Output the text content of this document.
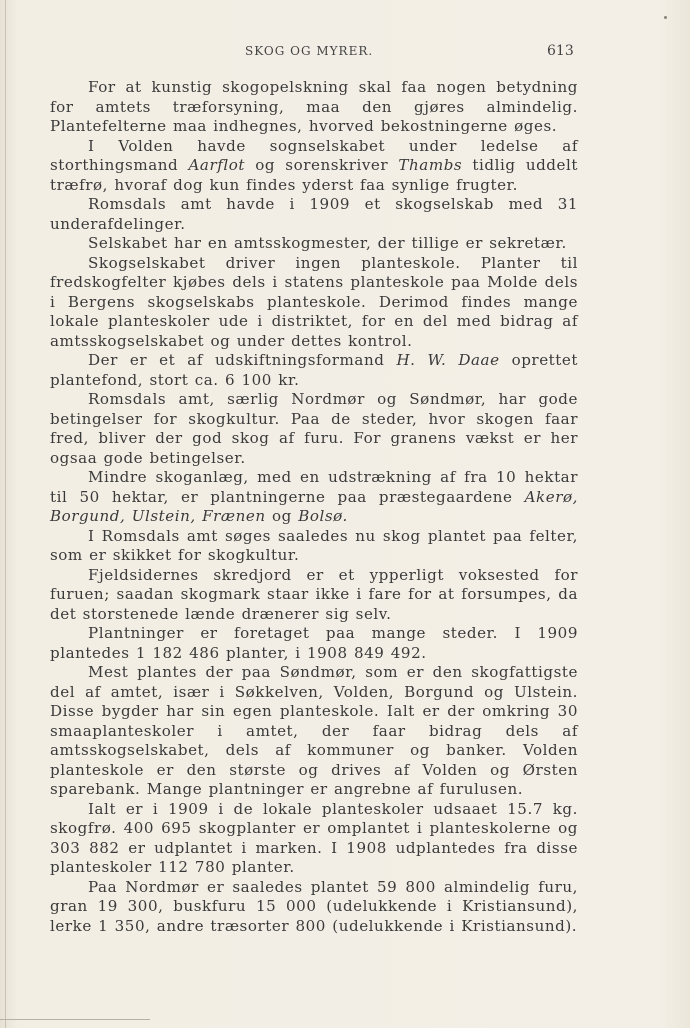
SKOG OG MYRER.	613

For at kunstig skogopelskning skal faa nogen betydning for amtets træforsyning, maa den gjøres almindelig. Plantefelterne maa indhegnes, hvorved bekostningerne øges.

I Volden havde sognselskabet under ledelse af storthingsmand Aarflot og sorenskriver Thambs tidlig uddelt træfrø, hvoraf dog kun findes yderst faa synlige frugter.

Romsdals amt havde i 1909 et skogselskab med 31 underafdelinger.

Selskabet har en amtsskogmester, der tillige er sekretær.

Skogselskabet driver ingen planteskole. Planter til fredskogfelter kjøbes dels i statens planteskole paa Molde dels i Bergens skogselskabs planteskole. Derimod findes mange lokale planteskoler ude i distriktet, for en del med bidrag af amtsskogselskabet og under dettes kontrol.

Der er et af udskiftningsformand H. W. Daae oprettet plantefond, stort ca. 6 100 kr.

Romsdals amt, særlig Nordmør og Søndmør, har gode betingelser for skogkultur. Paa de steder, hvor skogen faar fred, bliver der god skog af furu. For granens vækst er her ogsaa gode betingelser.

Mindre skoganlæg, med en udstrækning af fra 10 hektar til 50 hektar, er plantningerne paa præstegaardene Akerø, Borgund, Ulstein, Frænen og Bolsø.

I Romsdals amt søges saaledes nu skog plantet paa felter, som er skikket for skogkultur.

Fjeldsidernes skredjord er et ypperligt voksested for furuen; saadan skogmark staar ikke i fare for at forsumpes, da det storstenede lænde drænerer sig selv.

Plantninger er foretaget paa mange steder. I 1909 plantedes 1 182 486 planter, i 1908 849 492.

Mest plantes der paa Søndmør, som er den skogfattigste del af amtet, især i Søkkelven, Volden, Borgund og Ulstein. Disse bygder har sin egen planteskole. Ialt er der omkring 30 smaaplanteskoler i amtet, der faar bidrag dels af amtsskogselskabet, dels af kommuner og banker. Volden planteskole er den største og drives af Volden og Ørsten sparebank. Mange plantninger er angrebne af furulusen.

Ialt er i 1909 i de lokale planteskoler udsaaet 15.7 kg. skogfrø. 400 695 skogplanter er omplantet i planteskolerne og 303 882 er udplantet i marken. I 1908 udplantedes fra disse planteskoler 112 780 planter.

Paa Nordmør er saaledes plantet 59 800 almindelig furu, gran 19 300, buskfuru 15 000 (udelukkende i Kristiansund), lerke 1 350, andre træsorter 800 (udelukkende i Kristiansund).
